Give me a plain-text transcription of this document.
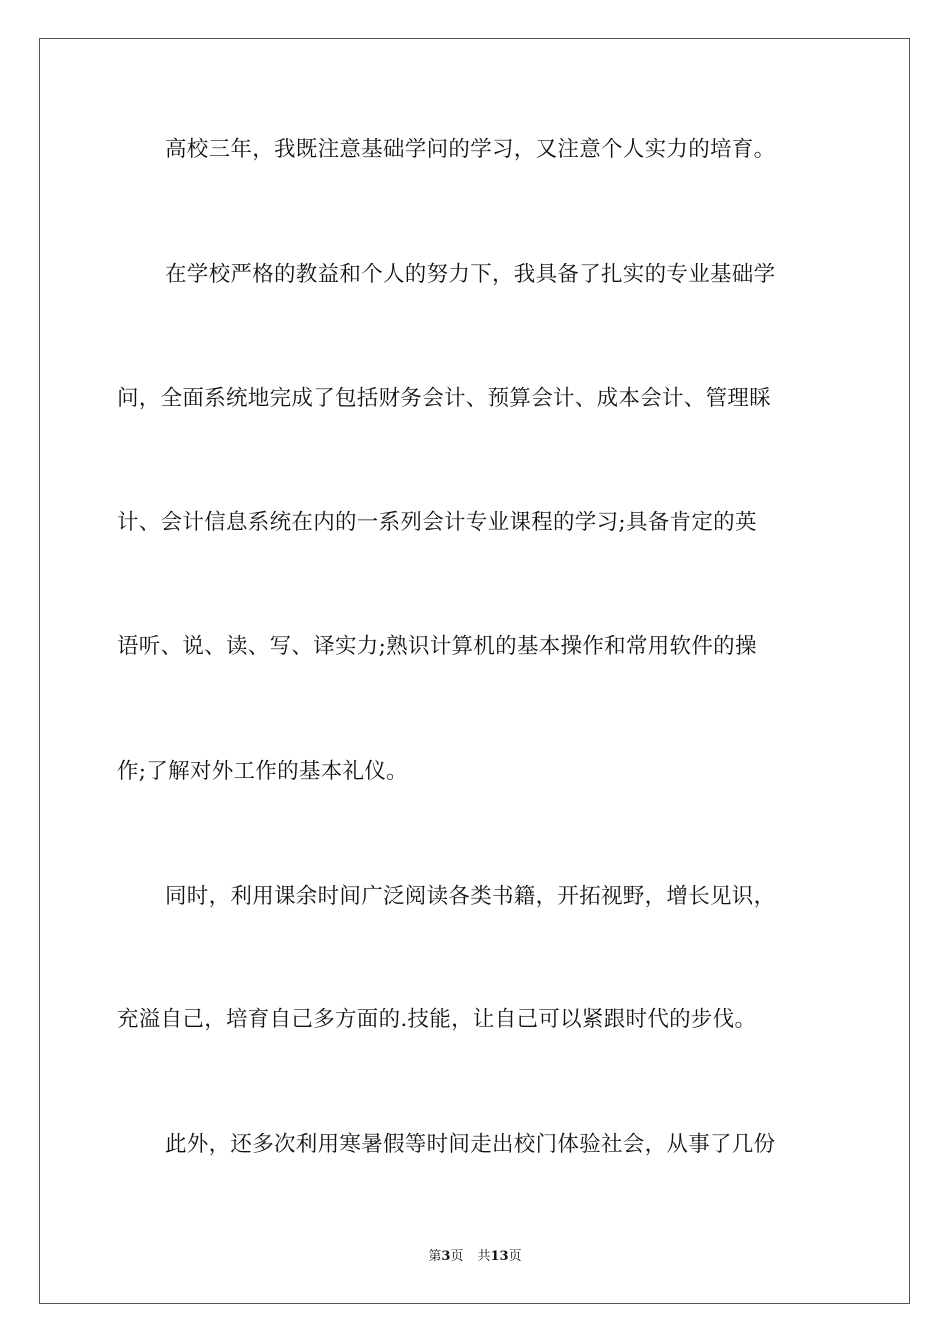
高校三年，我既注意基础学问的学习，又注意个人实力的培育。
在学校严格的教益和个人的努力下，我具备了扎实的专业基础学
问，全面系统地完成了包括财务会计、预算会计、成本会计、管理睬
计、会计信息系统在内的一系列会计专业课程的学习;具备肯定的英
语听、说、读、写、译实力;熟识计算机的基本操作和常用软件的操
作;了解对外工作的基本礼仪。
同时，利用课余时间广泛阅读各类书籍，开拓视野，增长见识，
充溢自己，培育自己多方面的.技能，让自己可以紧跟时代的步伐。
此外，还多次利用寒暑假等时间走出校门体验社会，从事了几份
第3页 共13页
